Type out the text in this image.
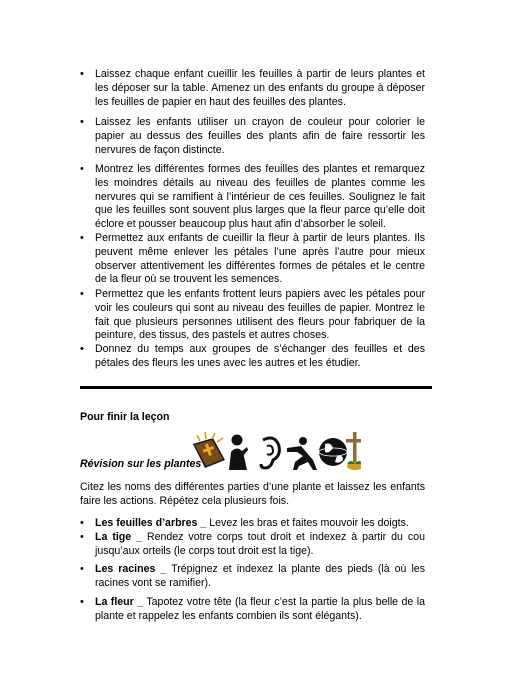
• Laissez chaque enfant cueillir les feuilles à partir de leurs plantes et les déposer sur la table. Amenez un des enfants du groupe à déposer les feuilles de papier en haut des feuilles des plantes.

• Laissez les enfants utiliser un crayon de couleur pour colorier le papier au dessus des feuilles des plants afin de faire ressortir les nervures de façon distincte.

• Montrez les différentes formes des feuilles des plantes et remarquez les moindres détails au niveau des feuilles de plantes comme les nervures qui se ramifient à l’intérieur de ces feuilles. Soulignez le fait que les feuilles sont souvent plus larges que la fleur parce qu’elle doit éclore et pousser beaucoup plus haut afin d’absorber le soleil.

• Permettez aux enfants de cueillir la fleur à partir de leurs plantes. Ils peuvent même enlever les pétales l’une après l’autre pour mieux observer attentivement les différentes formes de pétales et le centre de la fleur où se trouvent les semences.

• Permettez que les enfants frottent leurs papiers avec les pétales pour voir les couleurs qui sont au niveau des feuilles de papier. Montrez le fait que plusieurs personnes utilisent des fleurs pour fabriquer de la peinture, des tissus, des pastels et autres choses.

• Donnez du temps aux groupes de s’échanger des feuilles et des pétales des fleurs les unes avec les autres et les étudier.

Pour finir la leçon
Révision sur les plantes

Citez les noms des différentes parties d’une plante et laissez les enfants faire les actions. Répétez cela plusieurs fois.

• Les feuilles d’arbres _ Levez les bras et faites mouvoir les doigts.

• La tige _ Rendez votre corps tout droit et indexez à partir du cou jusqu’aux orteils (le corps tout droit est la tige).

• Les racines _ Trépignez et indexez la plante des pieds (là où les racines vont se ramifier).

• La fleur _ Tapotez votre tête (la fleur c’est la partie la plus belle de la plante et rappelez les enfants combien ils sont élégants).
